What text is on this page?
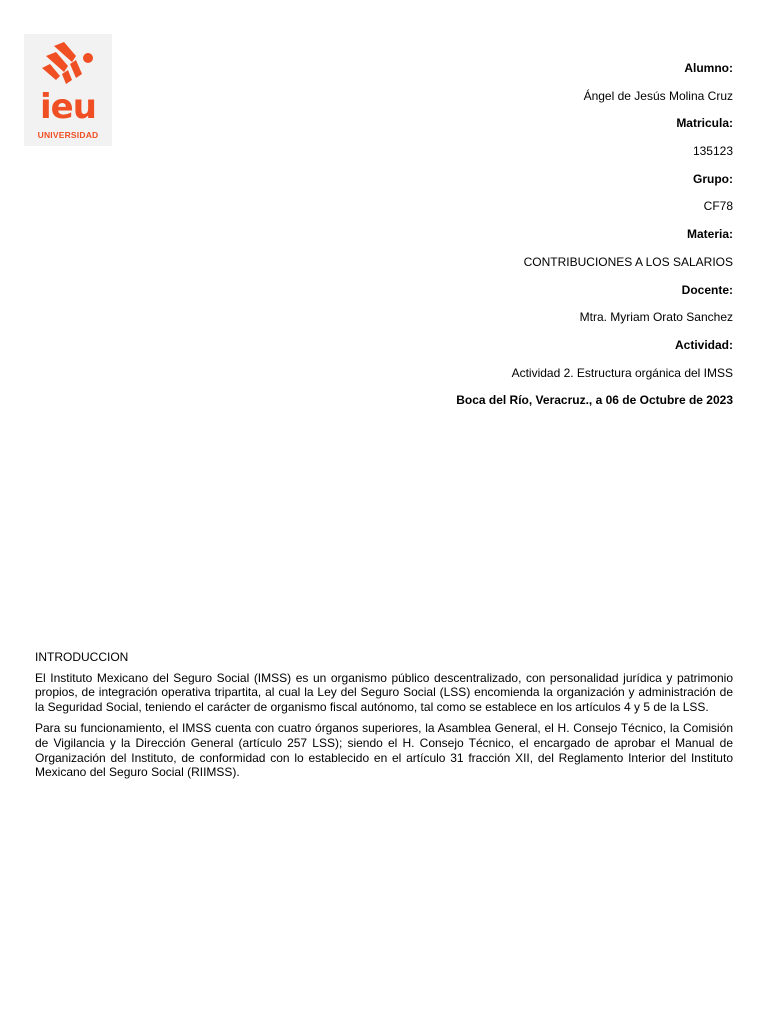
ieu
UNIVERSIDAD
Alumno:
Ángel de Jesús Molina Cruz
Matricula:
135123
Grupo:
CF78
Materia:
CONTRIBUCIONES A LOS SALARIOS
Docente:
Mtra. Myriam Orato Sanchez
Actividad:
Actividad 2. Estructura orgánica del IMSS
Boca del Río, Veracruz., a 06 de Octubre de 2023
INTRODUCCION

El Instituto Mexicano del Seguro Social (IMSS) es un organismo público descentralizado, con personalidad jurídica y patrimonio propios, de integración operativa tripartita, al cual la Ley del Seguro Social (LSS) encomienda la organización y administración de la Seguridad Social, teniendo el carácter de organismo fiscal autónomo, tal como se establece en los artículos 4 y 5 de la LSS.

Para su funcionamiento, el IMSS cuenta con cuatro órganos superiores, la Asamblea General, el H. Consejo Técnico, la Comisión de Vigilancia y la Dirección General (artículo 257 LSS); siendo el H. Consejo Técnico, el encargado de aprobar el Manual de Organización del Instituto, de conformidad con lo establecido en el artículo 31 fracción XII, del Reglamento Interior del Instituto Mexicano del Seguro Social (RIIMSS).
